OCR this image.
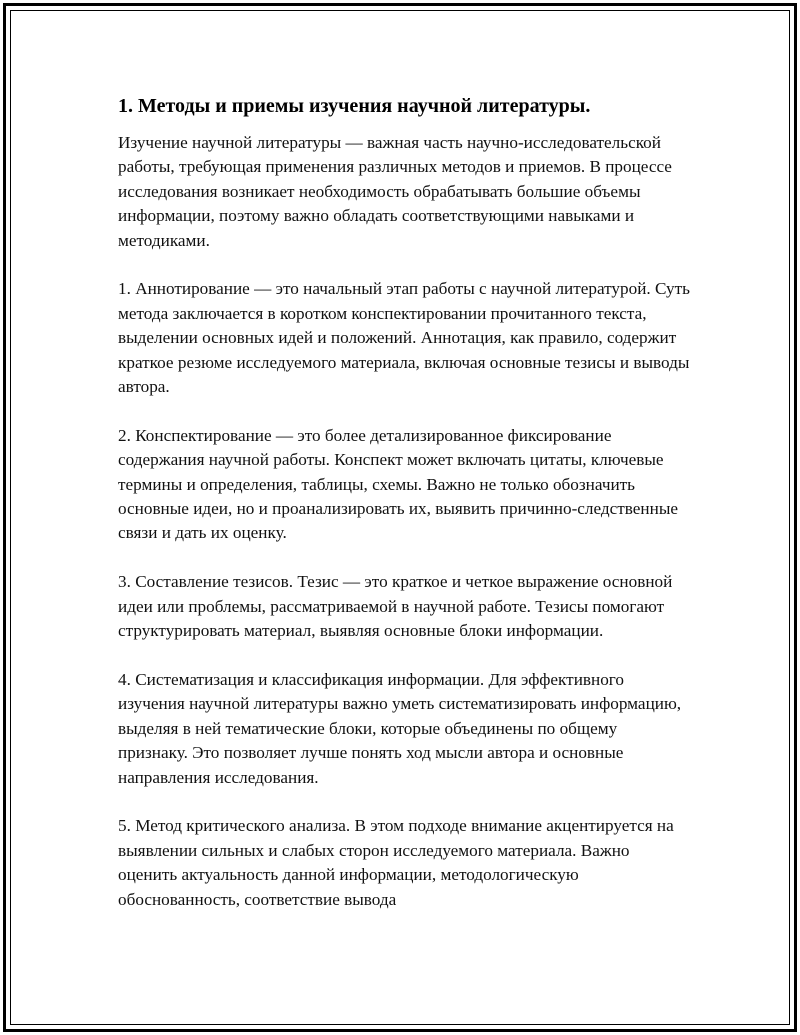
1. Методы и приемы изучения научной литературы.

Изучение научной литературы — важная часть научно-исследовательской работы, требующая применения различных методов и приемов. В процессе исследования возникает необходимость обрабатывать большие объемы информации, поэтому важно обладать соответствующими навыками и методиками.

1. Аннотирование — это начальный этап работы с научной литературой. Суть метода заключается в коротком конспектировании прочитанного текста, выделении основных идей и положений. Аннотация, как правило, содержит краткое резюме исследуемого материала, включая основные тезисы и выводы автора.

2. Конспектирование — это более детализированное фиксирование содержания научной работы. Конспект может включать цитаты, ключевые термины и определения, таблицы, схемы. Важно не только обозначить основные идеи, но и проанализировать их, выявить причинно-следственные связи и дать их оценку.

3. Составление тезисов. Тезис — это краткое и четкое выражение основной идеи или проблемы, рассматриваемой в научной работе. Тезисы помогают структурировать материал, выявляя основные блоки информации.

4. Систематизация и классификация информации. Для эффективного изучения научной литературы важно уметь систематизировать информацию, выделяя в ней тематические блоки, которые объединены по общему признаку. Это позволяет лучше понять ход мысли автора и основные направления исследования.

5. Метод критического анализа. В этом подходе внимание акцентируется на выявлении сильных и слабых сторон исследуемого материала. Важно оценить актуальность данной информации, методологическую обоснованность, соответствие вывода
